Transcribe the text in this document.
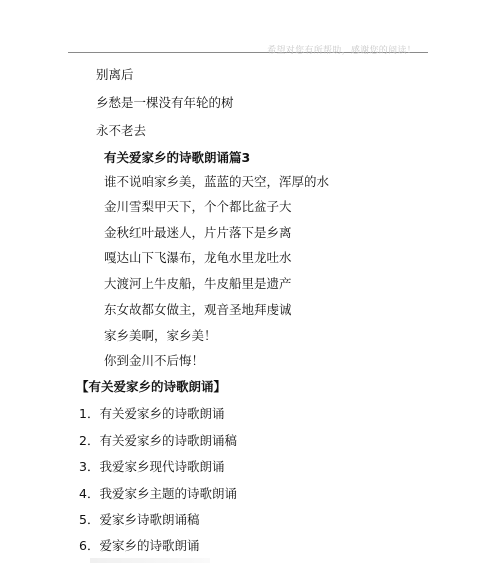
希望对您有所帮助，感谢您的阅读！
别离后
乡愁是一棵没有年轮的树
永不老去
有关爱家乡的诗歌朗诵篇3
谁不说咱家乡美，蓝蓝的天空，浑厚的水
金川雪梨甲天下，个个都比盆子大
金秋红叶最迷人，片片落下是乡离
嘎达山下飞瀑布，龙龟水里龙吐水
大渡河上牛皮船，牛皮船里是遗产
东女故都女做主，观音圣地拜虔诚
家乡美啊，家乡美！
你到金川不后悔！
【有关爱家乡的诗歌朗诵】
1．有关爱家乡的诗歌朗诵
2．有关爱家乡的诗歌朗诵稿
3．我爱家乡现代诗歌朗诵
4．我爱家乡主题的诗歌朗诵
5．爱家乡诗歌朗诵稿
6．爱家乡的诗歌朗诵
